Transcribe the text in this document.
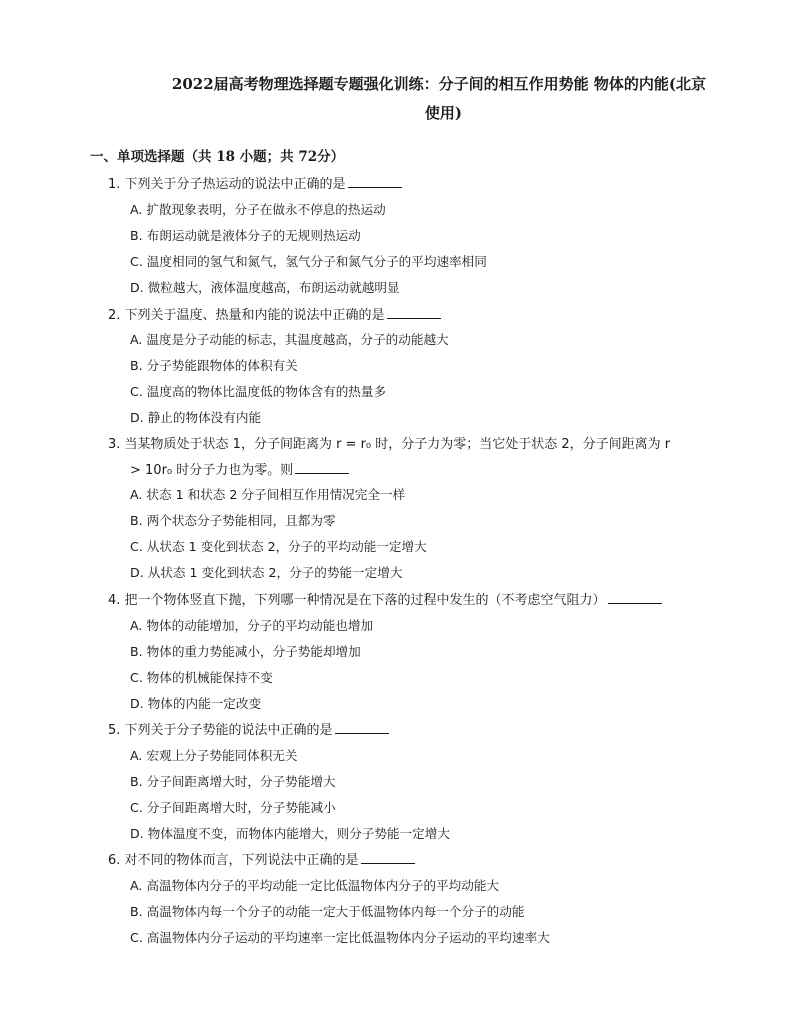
2022届高考物理选择题专题强化训练：分子间的相互作用势能 物体的内能(北京
使用)
一、单项选择题（共 18 小题；共 72分）
1. 下列关于分子热运动的说法中正确的是
A. 扩散现象表明，分子在做永不停息的热运动
B. 布朗运动就是液体分子的无规则热运动
C. 温度相同的氢气和氮气，氢气分子和氮气分子的平均速率相同
D. 微粒越大，液体温度越高，布朗运动就越明显
2. 下列关于温度、热量和内能的说法中正确的是
A. 温度是分子动能的标志，其温度越高，分子的动能越大
B. 分子势能跟物体的体积有关
C. 温度高的物体比温度低的物体含有的热量多
D. 静止的物体没有内能
3. 当某物质处于状态 1，分子间距离为 r = r₀ 时，分子力为零；当它处于状态 2，分子间距离为 r
> 10r₀ 时分子力也为零。则
A. 状态 1 和状态 2 分子间相互作用情况完全一样
B. 两个状态分子势能相同，且都为零
C. 从状态 1 变化到状态 2，分子的平均动能一定增大
D. 从状态 1 变化到状态 2，分子的势能一定增大
4. 把一个物体竖直下抛，下列哪一种情况是在下落的过程中发生的（不考虑空气阻力）
A. 物体的动能增加，分子的平均动能也增加
B. 物体的重力势能减小，分子势能却增加
C. 物体的机械能保持不变
D. 物体的内能一定改变
5. 下列关于分子势能的说法中正确的是
A. 宏观上分子势能同体积无关
B. 分子间距离增大时，分子势能增大
C. 分子间距离增大时，分子势能减小
D. 物体温度不变，而物体内能增大，则分子势能一定增大
6. 对不同的物体而言，下列说法中正确的是
A. 高温物体内分子的平均动能一定比低温物体内分子的平均动能大
B. 高温物体内每一个分子的动能一定大于低温物体内每一个分子的动能
C. 高温物体内分子运动的平均速率一定比低温物体内分子运动的平均速率大
